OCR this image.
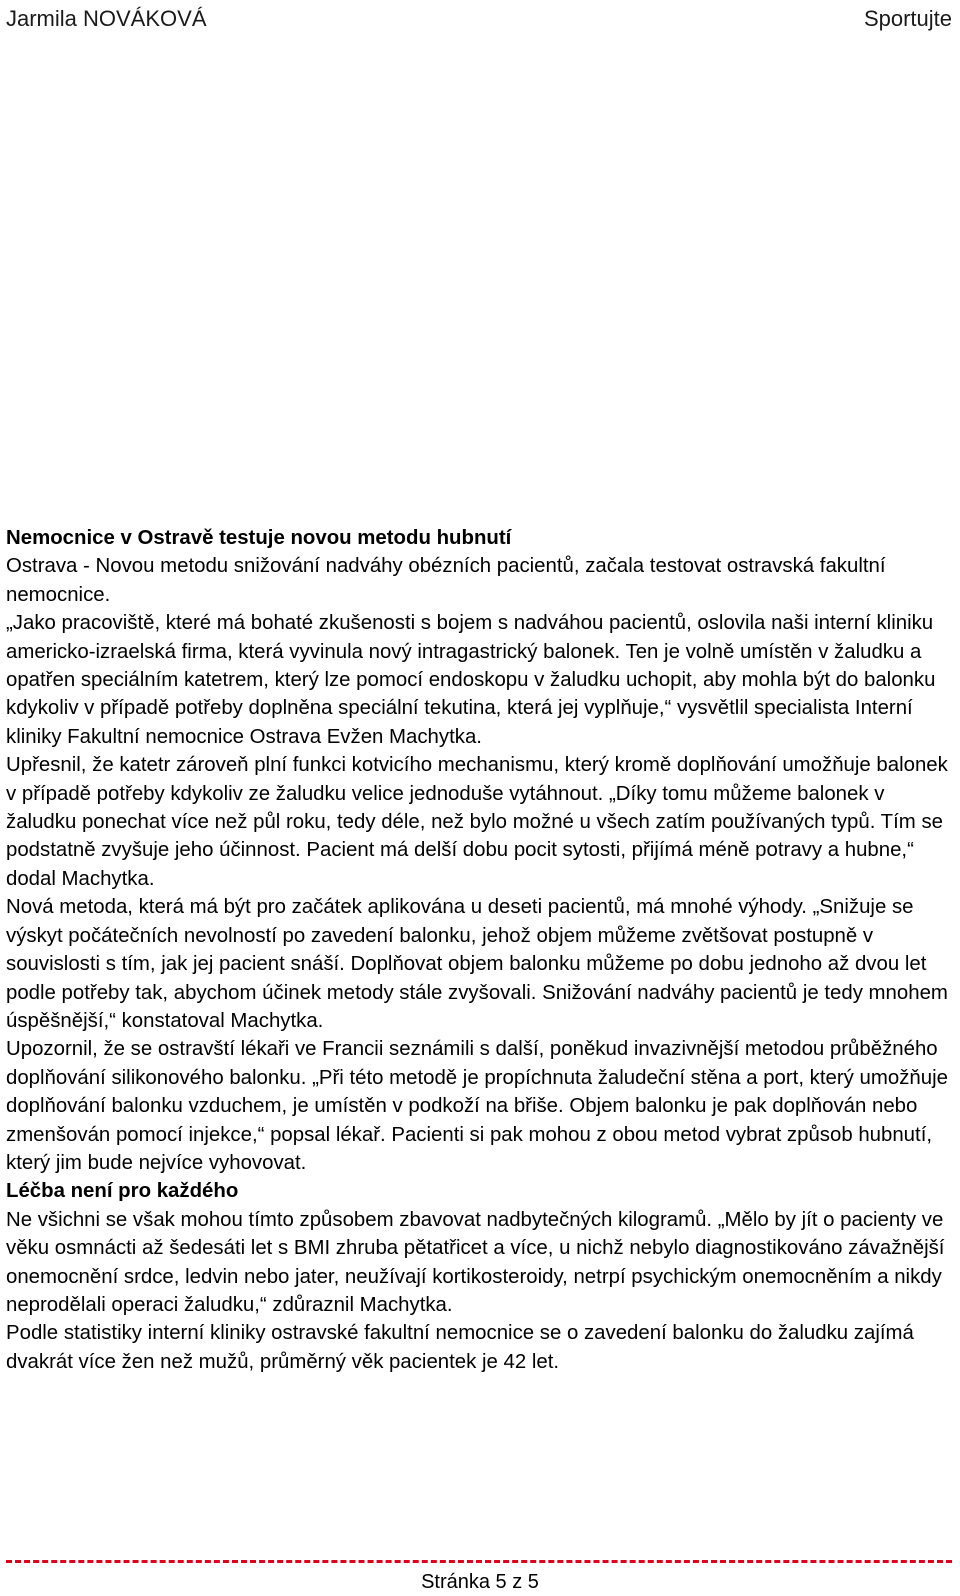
Jarmila NOVÁKOVÁ	Sportujte

Nemocnice v Ostravě testuje novou metodu hubnutí

Ostrava - Novou metodu snižování nadváhy obézních pacientů, začala testovat ostravská fakultní nemocnice.

„Jako pracoviště, které má bohaté zkušenosti s bojem s nadváhou pacientů, oslovila naši interní kliniku americko-izraelská firma, která vyvinula nový intragastrický balonek. Ten je volně umístěn v žaludku a opatřen speciálním katetrem, který lze pomocí endoskopu v žaludku uchopit, aby mohla být do balonku kdykoliv v případě potřeby doplněna speciální tekutina, která jej vyplňuje,“ vysvětlil specialista Interní kliniky Fakultní nemocnice Ostrava Evžen Machytka.

Upřesnil, že katetr zároveň plní funkci kotvicího mechanismu, který kromě doplňování umožňuje balonek v případě potřeby kdykoliv ze žaludku velice jednoduše vytáhnout. „Díky tomu můžeme balonek v žaludku ponechat více než půl roku, tedy déle, než bylo možné u všech zatím používaných typů. Tím se podstatně zvyšuje jeho účinnost. Pacient má delší dobu pocit sytosti, přijímá méně potravy a hubne,“ dodal Machytka.

Nová metoda, která má být pro začátek aplikována u deseti pacientů, má mnohé výhody. „Snižuje se výskyt počátečních nevolností po zavedení balonku, jehož objem můžeme zvětšovat postupně v souvislosti s tím, jak jej pacient snáší. Doplňovat objem balonku můžeme po dobu jednoho až dvou let podle potřeby tak, abychom účinek metody stále zvyšovali. Snižování nadváhy pacientů je tedy mnohem úspěšnější,“ konstatoval Machytka.

Upozornil, že se ostravští lékaři ve Francii seznámili s další, poněkud invazivnější metodou průběžného doplňování silikonového balonku. „Při této metodě je propíchnuta žaludeční stěna a port, který umožňuje doplňování balonku vzduchem, je umístěn v podkoží na břiše. Objem balonku je pak doplňován nebo zmenšován pomocí injekce,“ popsal lékař. Pacienti si pak mohou z obou metod vybrat způsob hubnutí, který jim bude nejvíce vyhovovat.

Léčba není pro každého

Ne všichni se však mohou tímto způsobem zbavovat nadbytečných kilogramů. „Mělo by jít o pacienty ve věku osmnácti až šedesáti let s BMI zhruba pětatřicet a více, u nichž nebylo diagnostikováno závažnější onemocnění srdce, ledvin nebo jater, neužívají kortikosteroidy, netrpí psychickým onemocněním a nikdy neprodělali operaci žaludku,“ zdůraznil Machytka.

Podle statistiky interní kliniky ostravské fakultní nemocnice se o zavedení balonku do žaludku zajímá dvakrát více žen než mužů, průměrný věk pacientek je 42 let.

Stránka 5 z 5
